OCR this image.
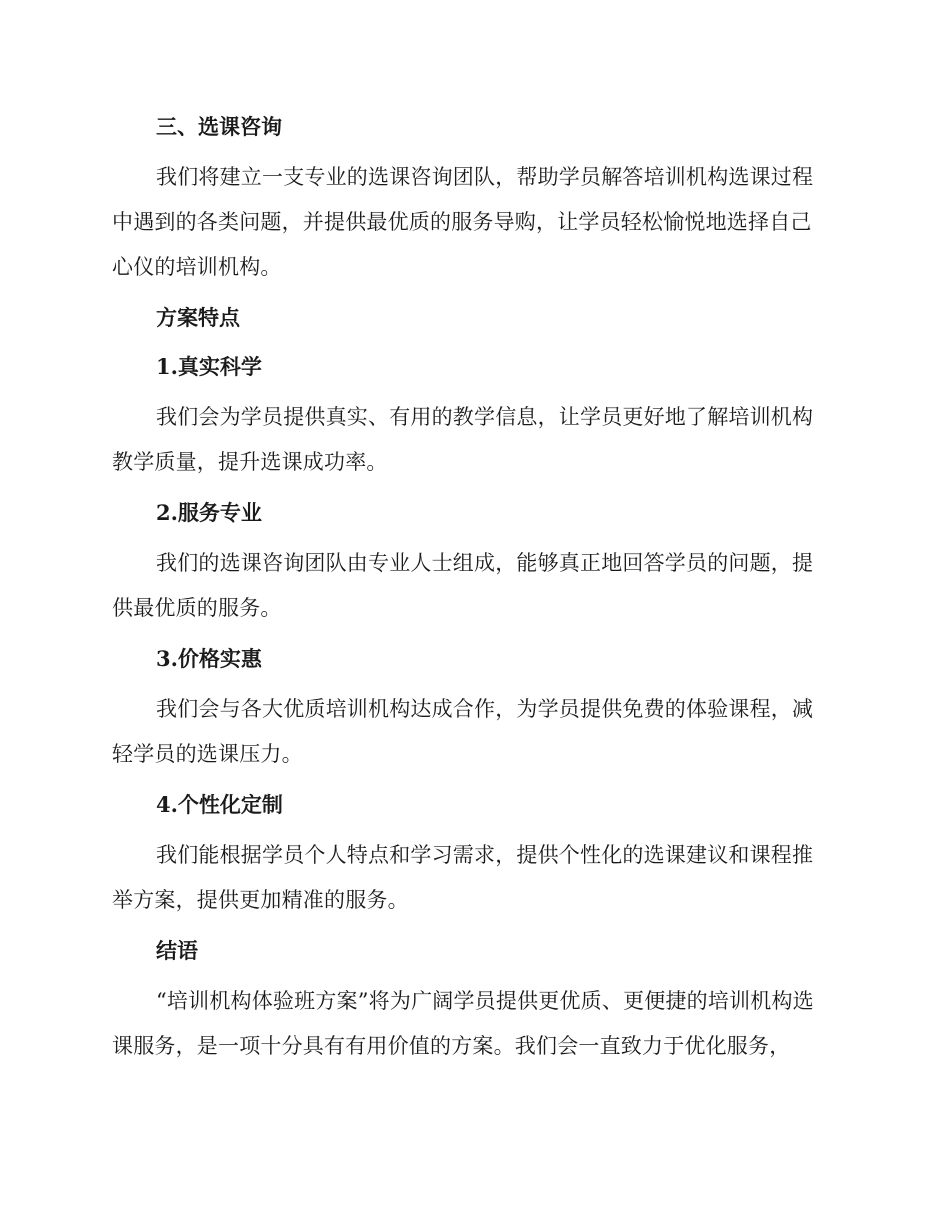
三、选课咨询
我们将建立一支专业的选课咨询团队，帮助学员解答培训机构选课过程中遇到的各类问题，并提供最优质的服务导购，让学员轻松愉悦地选择自己心仪的培训机构。
方案特点
1.真实科学
我们会为学员提供真实、有用的教学信息，让学员更好地了解培训机构教学质量，提升选课成功率。
2.服务专业
我们的选课咨询团队由专业人士组成，能够真正地回答学员的问题，提供最优质的服务。
3.价格实惠
我们会与各大优质培训机构达成合作，为学员提供免费的体验课程，减轻学员的选课压力。
4.个性化定制
我们能根据学员个人特点和学习需求，提供个性化的选课建议和课程推举方案，提供更加精准的服务。
结语
“培训机构体验班方案”将为广阔学员提供更优质、更便捷的培训机构选课服务，是一项十分具有有用价值的方案。我们会一直致力于优化服务，
